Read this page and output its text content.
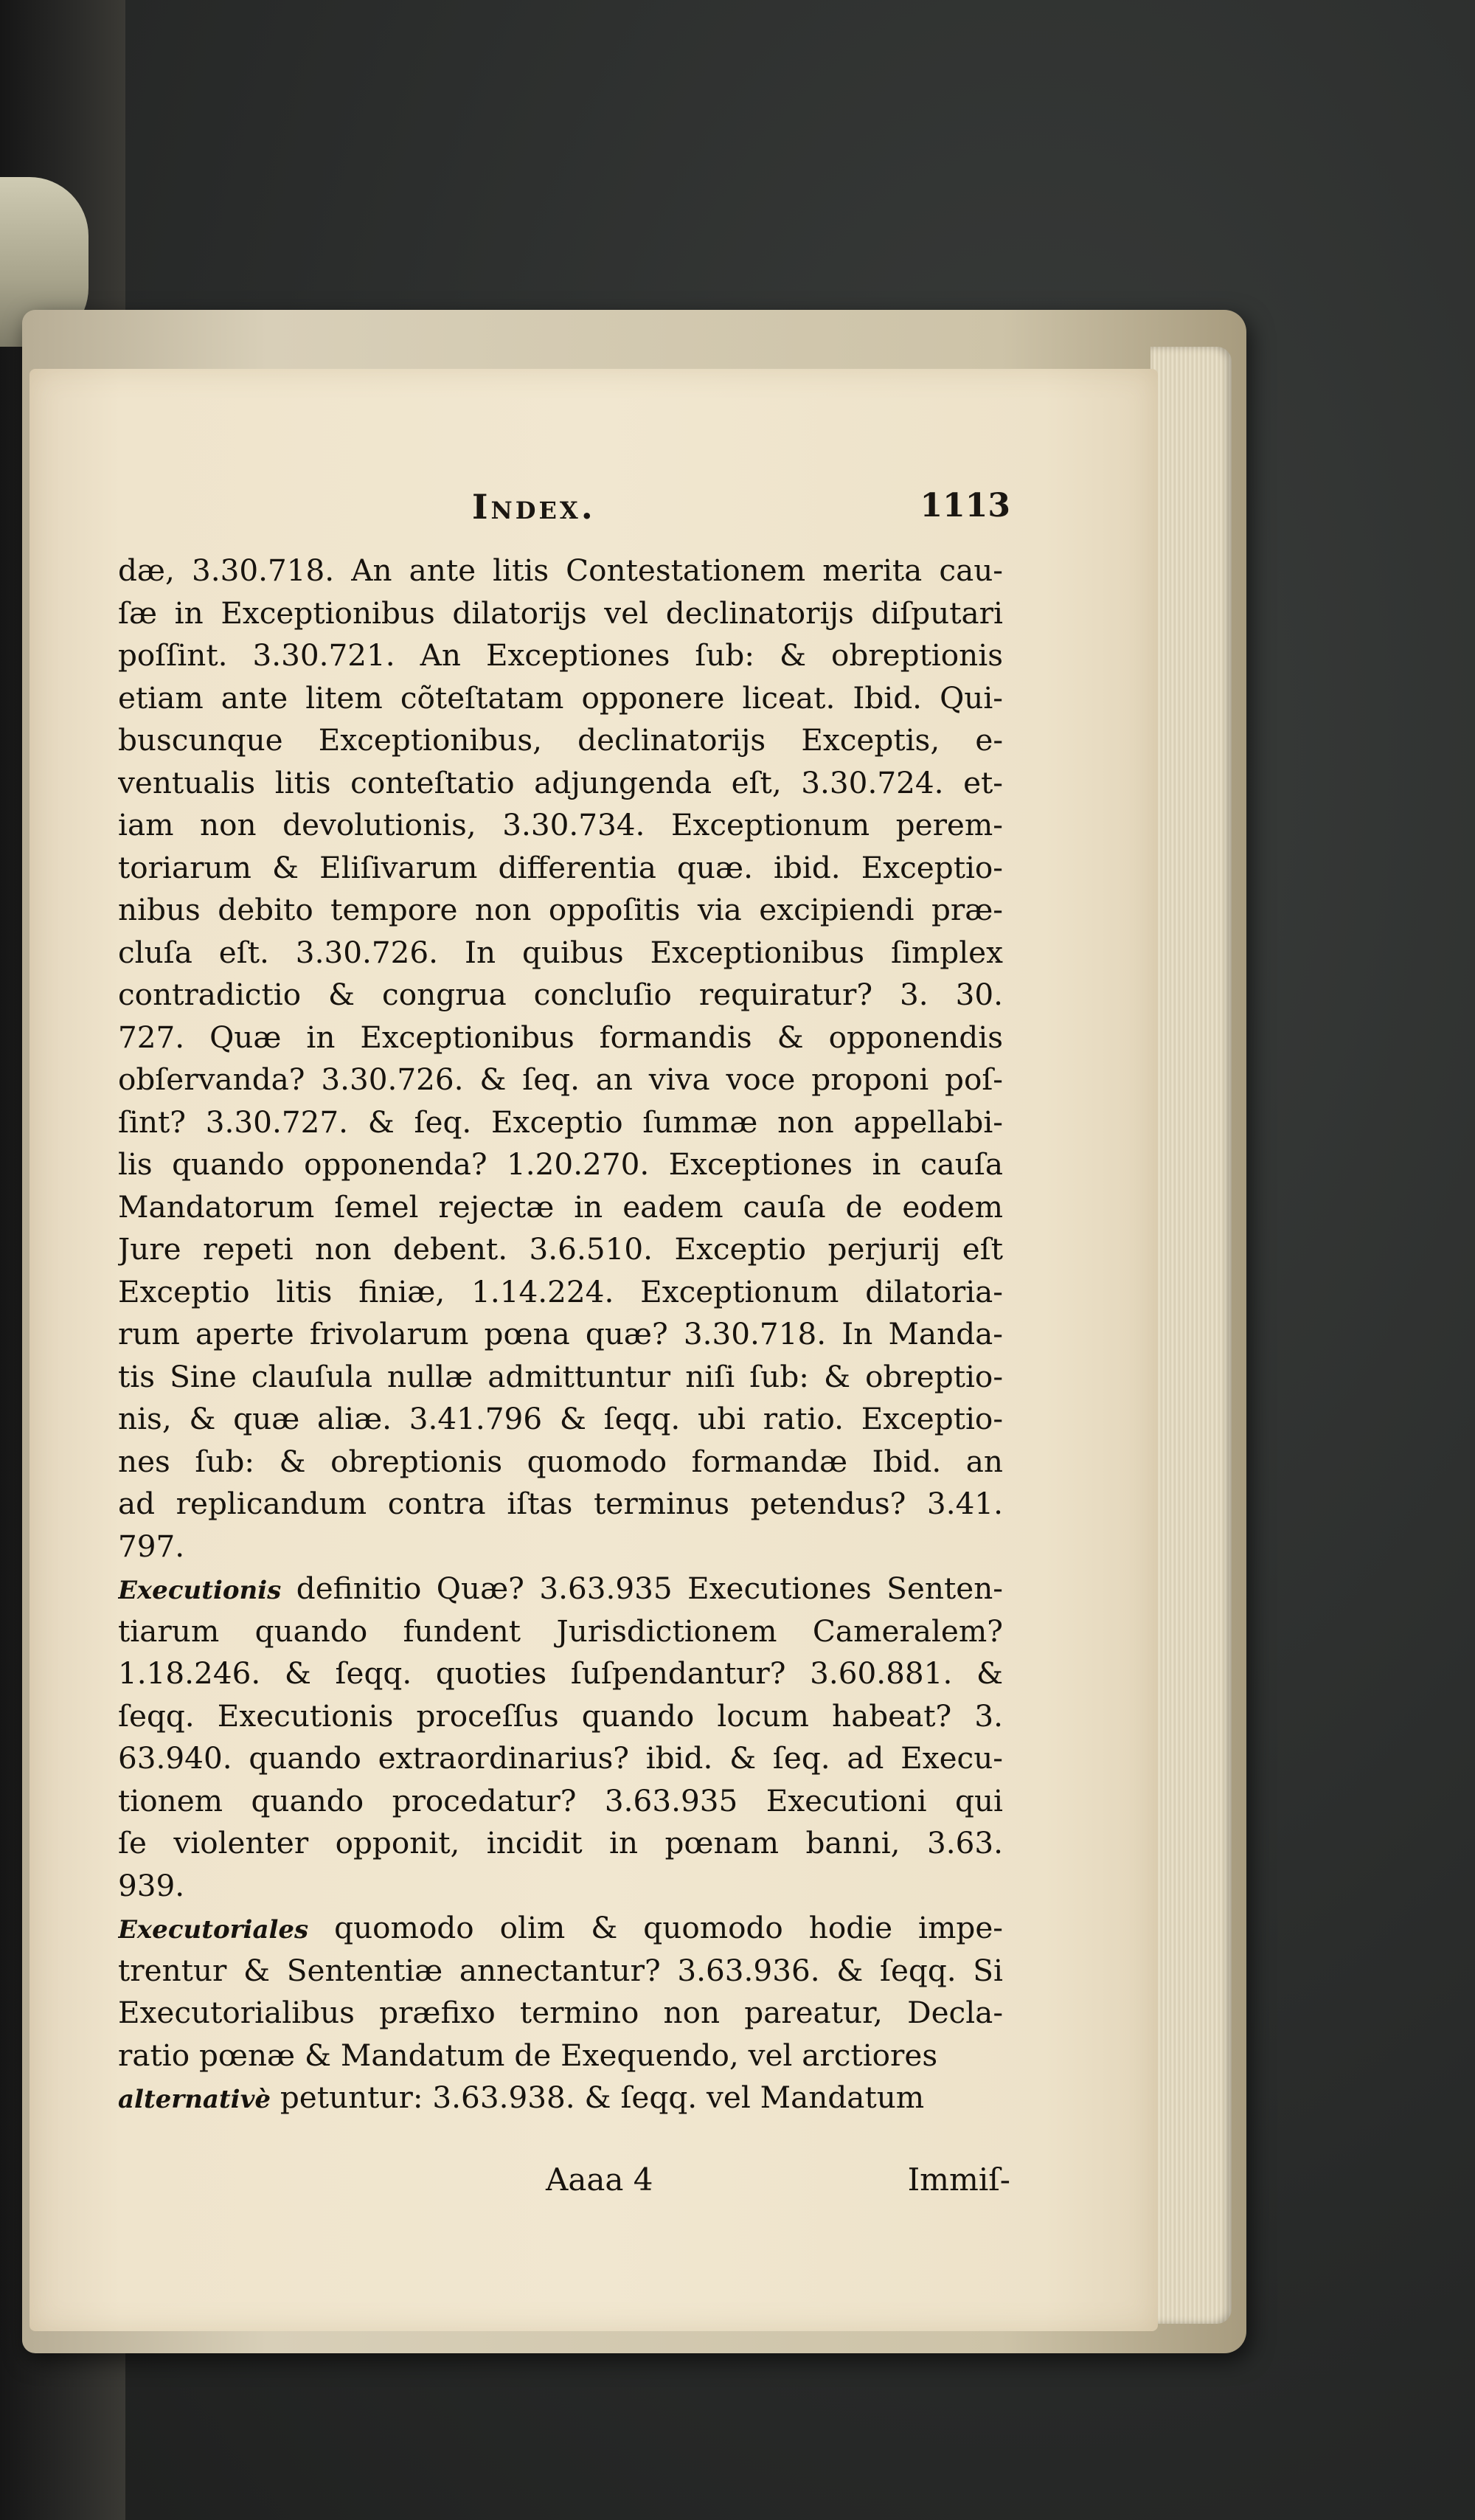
Index.	1113
dæ, 3.30.718. An ante litis Contestationem merita cau-
ſæ in Exceptionibus dilatorijs vel declinatorijs diſputari
poſſint. 3.30.721. An Exceptiones ſub: & obreptionis
etiam ante litem cõteſtatam opponere liceat. Ibid. Qui-
buscunque Exceptionibus, declinatorijs Exceptis, e-
ventualis litis conteſtatio adjungenda eſt, 3.30.724. et-
iam non devolutionis, 3.30.734. Exceptionum perem-
toriarum & Eliſivarum differentia quæ. ibid. Exceptio-
nibus debito tempore non oppoſitis via excipiendi præ-
cluſa eſt. 3.30.726. In quibus Exceptionibus ſimplex
contradictio & congrua concluſio requiratur? 3. 30.
727. Quæ in Exceptionibus formandis & opponendis
obſervanda? 3.30.726. & ſeq. an viva voce proponi poſ-
ſint? 3.30.727. & ſeq. Exceptio ſummæ non appellabi-
lis quando opponenda? 1.20.270. Exceptiones in cauſa
Mandatorum ſemel rejectæ in eadem cauſa de eodem
Jure repeti non debent. 3.6.510. Exceptio perjurij eſt
Exceptio litis finiæ, 1.14.224. Exceptionum dilatoria-
rum aperte frivolarum pœna quæ? 3.30.718. In Manda-
tis Sine clauſula nullæ admittuntur niſi ſub: & obreptio-
nis, & quæ aliæ. 3.41.796 & ſeqq. ubi ratio. Exceptio-
nes ſub: & obreptionis quomodo formandæ Ibid. an
ad replicandum contra iſtas terminus petendus? 3.41.
797.
Executionis definitio Quæ? 3.63.935 Executiones Senten-
tiarum quando fundent Jurisdictionem Cameralem?
1.18.246. & ſeqq. quoties ſuſpendantur? 3.60.881. &
ſeqq. Executionis proceſſus quando locum habeat? 3.
63.940. quando extraordinarius? ibid. & ſeq. ad Execu-
tionem quando procedatur? 3.63.935 Executioni qui
ſe violenter opponit, incidit in pœnam banni, 3.63.
939.
Executoriales quomodo olim & quomodo hodie impe-
trentur & Sententiæ annectantur? 3.63.936. & ſeqq. Si
Executorialibus præfixo termino non pareatur, Decla-
ratio pœnæ & Mandatum de Exequendo, vel arctiores
alternativè petuntur: 3.63.938. & ſeqq. vel Mandatum
Aaaa 4	Immiſ-
